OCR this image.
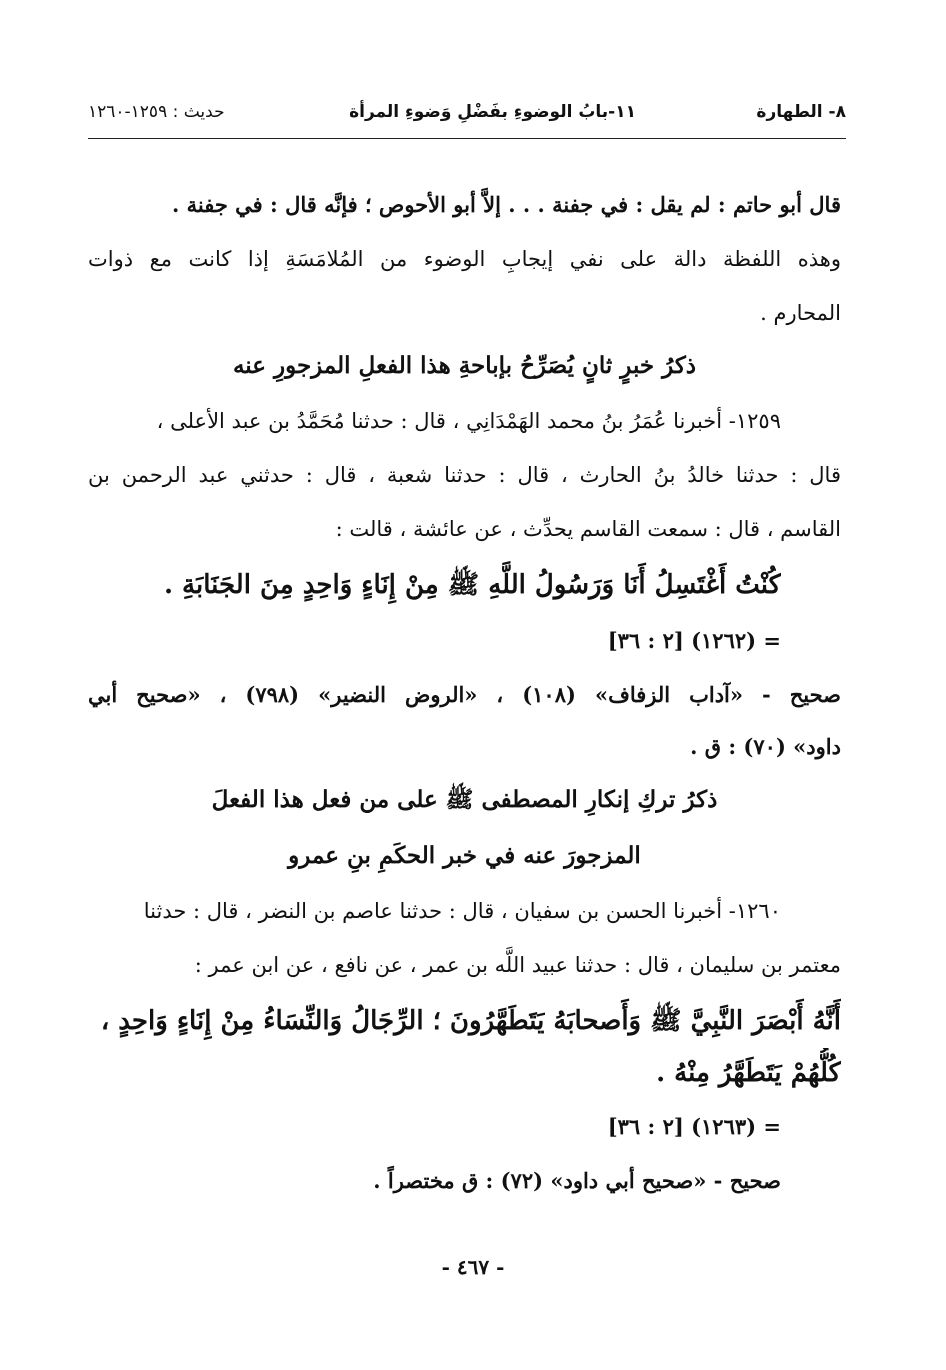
٨- الطهارة
١١-بابُ الوضوءِ بفَضْلِ وَضوءِ المرأة
حديث : ١٢٥٩-١٢٦٠
قال أبو حاتم : لم يقل : في جفنة . . . إلاَّ أبو الأحوص ؛ فإنَّه قال : في جفنة .
وهذه اللفظة دالة على نفي إيجابِ الوضوء من المُلامَسَةِ إذا كانت مع ذوات
المحارم .
ذكرُ خبرٍ ثانٍ يُصَرِّحُ بإباحةِ هذا الفعلِ المزجورِ عنه
١٢٥٩- أخبرنا عُمَرُ بنُ محمد الهَمْدَانِي ، قال : حدثنا مُحَمَّدُ بن عبد الأعلى ،
قال : حدثنا خالدُ بنُ الحارث ، قال : حدثنا شعبة ، قال : حدثني عبد الرحمن بن
القاسم ، قال : سمعت القاسم يحدِّث ، عن عائشة ، قالت :
كُنْتُ أَغْتَسِلُ أَنَا وَرَسُولُ اللَّهِ ﷺ مِنْ إِنَاءٍ وَاحِدٍ مِنَ الجَنَابَةِ .
= (١٢٦٢) [٢ : ٣٦]
صحيح - «آداب الزفاف» (١٠٨) ، «الروض النضير» (٧٩٨) ، «صحيح أبي
داود» (٧٠) : ق .
ذكرُ تركِ إنكارِ المصطفى ﷺ على من فعل هذا الفعلَ
المزجورَ عنه في خبر الحكَمِ بنِ عمرو
١٢٦٠- أخبرنا الحسن بن سفيان ، قال : حدثنا عاصم بن النضر ، قال : حدثنا
معتمر بن سليمان ، قال : حدثنا عبيد اللَّه بن عمر ، عن نافع ، عن ابن عمر :
أَنَّهُ أَبْصَرَ النَّبِيَّ ﷺ وَأَصحابَهُ يَتَطَهَّرُونَ ؛ الرِّجَالُ وَالنِّسَاءُ مِنْ إِنَاءٍ وَاحِدٍ ،
كُلُّهُمْ يَتَطَهَّرُ مِنْهُ .
= (١٢٦٣) [٢ : ٣٦]
صحيح - «صحيح أبي داود» (٧٢) : ق مختصراً .
- ٤٦٧ -
